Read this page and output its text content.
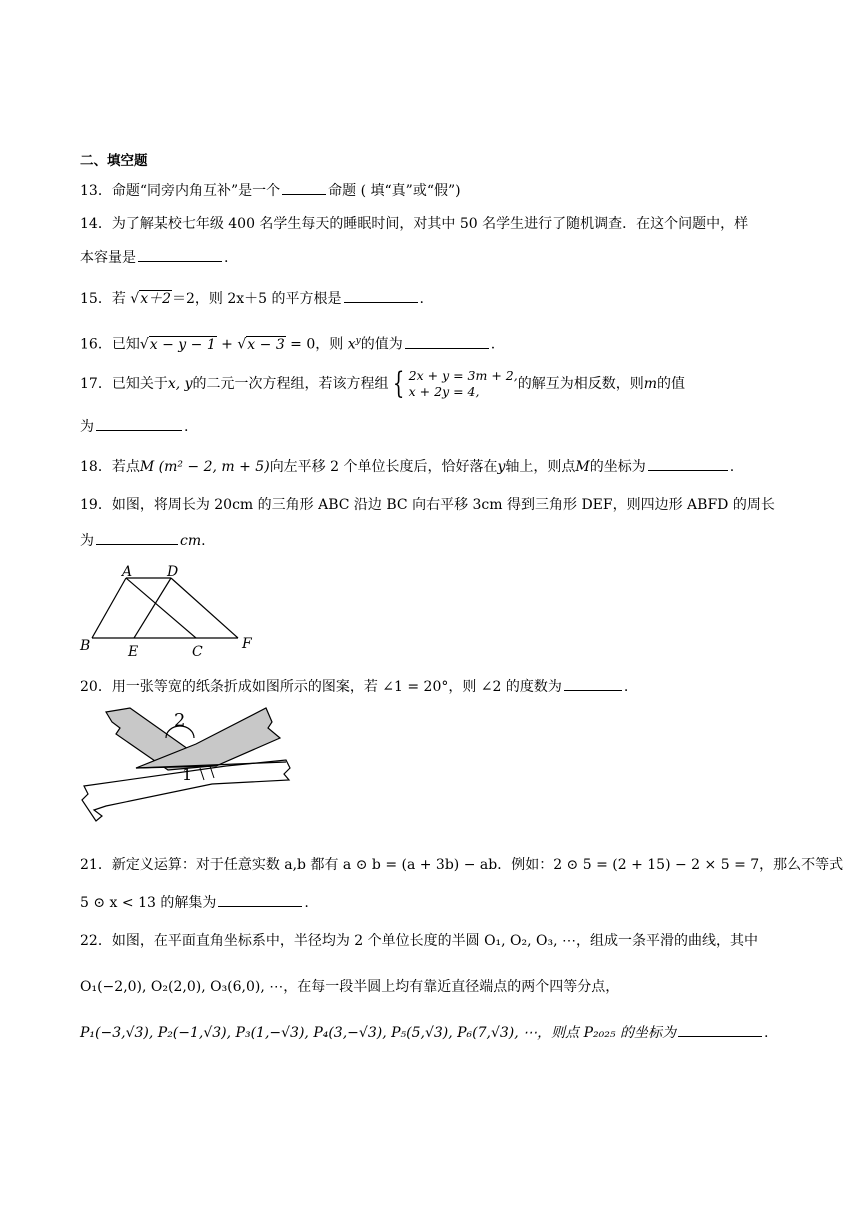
二、填空题
13．命题“同旁内角互补”是一个	命题 ( 填“真”或“假”)
14．为了解某校七年级 400 名学生每天的睡眠时间，对其中 50 名学生进行了随机调查．在这个问题中，样
本容量是	.
15．若 √x＋2＝2，则 2x＋5 的平方根是	.
16．已知√x − y − 1 + √x − 3 = 0，则 $x^y$的值为	.
17．已知关于x, y的二元一次方程组，若该方程组 { 2x + y = 3m + 2,
x + 2y = 4,	的解互为相反数，则m的值
为	.
18．若点M (m² − 2, m + 5)向左平移 2 个单位长度后，恰好落在y轴上，则点M的坐标为	.
19．如图，将周长为 20cm 的三角形 ABC 沿边 BC 向右平移 3cm 得到三角形 DEF，则四边形 ABFD 的周长
为	cm.
A D
B	E	C	F
20．用一张等宽的纸条折成如图所示的图案，若 ∠1 = 20°，则 ∠2 的度数为	.
2
1
21．新定义运算：对于任意实数 a,b 都有 a ⊙ b = (a + 3b) − ab．例如：2 ⊙ 5 = (2 + 15) − 2 × 5 = 7，那么不等式
5 ⊙ x < 13 的解集为	.
22．如图，在平面直角坐标系中，半径均为 2 个单位长度的半圆 O₁, O₂, O₃, ⋯，组成一条平滑的曲线，其中
O₁(−2,0), O₂(2,0), O₃(6,0), ⋯，在每一段半圆上均有靠近直径端点的两个四等分点，
P₁(−3,√3), P₂(−1,√3), P₃(1,−√3), P₄(3,−√3), P₅(5,√3), P₆(7,√3), ⋯，则点 P₂₀₂₅ 的坐标为	.
